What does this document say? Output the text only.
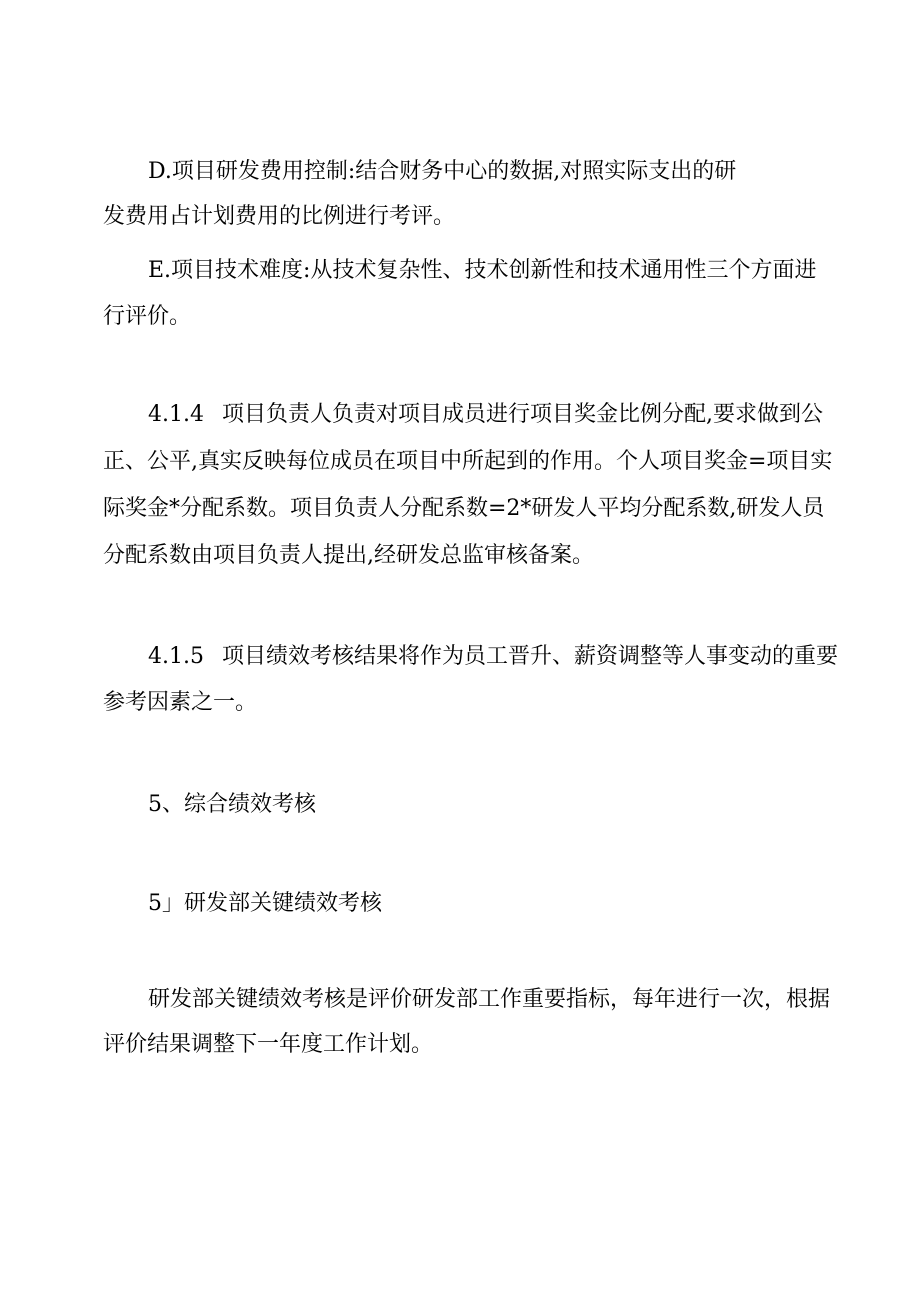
D.项目研发费用控制:结合财务中心的数据,对照实际支出的研

发费用占计划费用的比例进行考评。

E.项目技术难度:从技术复杂性、技术创新性和技术通用性三个方面进

行评价。

4.1.4 项目负责人负责对项目成员进行项目奖金比例分配,要求做到公

正、公平,真实反映每位成员在项目中所起到的作用。个人项目奖金=项目实

际奖金*分配系数。项目负责人分配系数=2*研发人平均分配系数,研发人员

分配系数由项目负责人提出,经研发总监审核备案。

4.1.5 项目绩效考核结果将作为员工晋升、薪资调整等人事变动的重要

参考因素之一。

5、综合绩效考核

5」研发部关键绩效考核

研发部关键绩效考核是评价研发部工作重要指标，每年进行一次，根据

评价结果调整下一年度工作计划。
